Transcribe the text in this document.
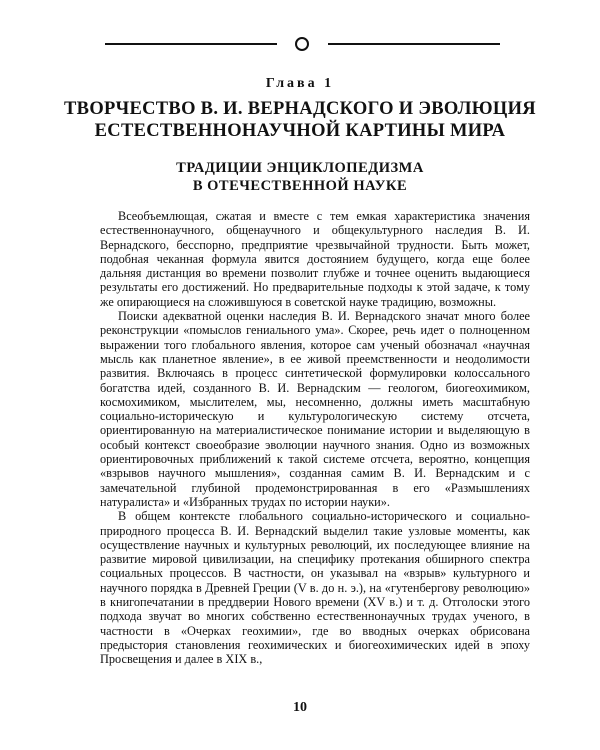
Глава 1
ТВОРЧЕСТВО В. И. ВЕРНАДСКОГО И ЭВОЛЮЦИЯ
ЕСТЕСТВЕННОНАУЧНОЙ КАРТИНЫ МИРА
ТРАДИЦИИ ЭНЦИКЛОПЕДИЗМА
В ОТЕЧЕСТВЕННОЙ НАУКЕ

Всеобъемлющая, сжатая и вместе с тем емкая характеристика значения естественнонаучного, общенаучного и общекультурного наследия В. И. Вернадского, бесспорно, предприятие чрезвычайной трудности. Быть может, подобная чеканная формула явится достоянием будущего, когда еще более дальняя дистанция во времени позволит глубже и точнее оценить выдающиеся результаты его достижений. Но предварительные подходы к этой задаче, к тому же опирающиеся на сложившуюся в советской науке традицию, возможны.

Поиски адекватной оценки наследия В. И. Вернадского значат много более реконструкции «помыслов гениального ума». Скорее, речь идет о полноценном выражении того глобального явления, которое сам ученый обозначал «научная мысль как планетное явление», в ее живой преемственности и неодолимости развития. Включаясь в процесс синтетической формулировки колоссального богатства идей, созданного В. И. Вернадским — геологом, биогеохимиком, космохимиком, мыслителем, мы, несомненно, должны иметь масштабную социально-историческую и культурологическую систему отсчета, ориентированную на материалистическое понимание истории и выделяющую в особый контекст своеобразие эволюции научного знания. Одно из возможных ориентировочных приближений к такой системе отсчета, вероятно, концепция «взрывов научного мышления», созданная самим В. И. Вернадским и с замечательной глубиной продемонстрированная в его «Размышлениях натуралиста» и «Избранных трудах по истории науки».

В общем контексте глобального социально-исторического и социально-природного процесса В. И. Вернадский выделил такие узловые моменты, как осуществление научных и культурных революций, их последующее влияние на развитие мировой цивилизации, на специфику протекания обширного спектра социальных процессов. В частности, он указывал на «взрыв» культурного и научного порядка в Древней Греции (V в. до н. э.), на «гутенбергову революцию» в книгопечатании в преддверии Нового времени (XV в.) и т. д. Отголоски этого подхода звучат во многих собственно естественнонаучных трудах ученого, в частности в «Очерках геохимии», где во вводных очерках обрисована предыстория становления геохимических и биогеохимических идей в эпоху Просвещения и далее в XIX в.,

10
